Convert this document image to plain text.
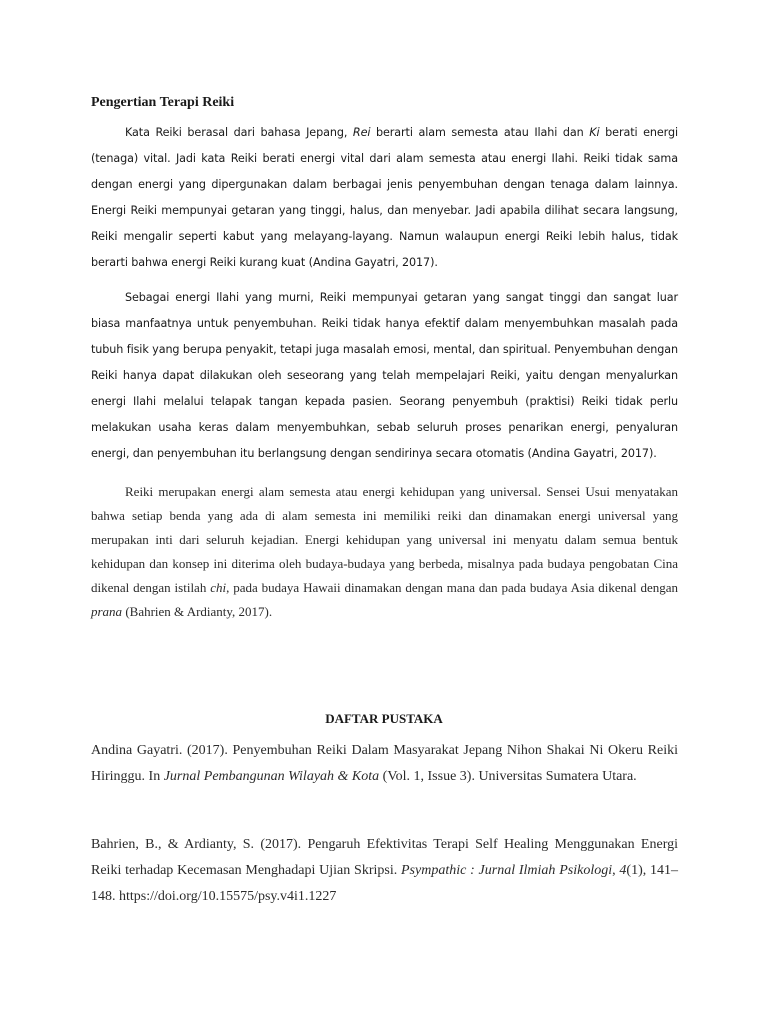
Pengertian Terapi Reiki

Kata Reiki berasal dari bahasa Jepang, Rei berarti alam semesta atau Ilahi dan Ki berati energi (tenaga) vital. Jadi kata Reiki berati energi vital dari alam semesta atau energi Ilahi. Reiki tidak sama dengan energi yang dipergunakan dalam berbagai jenis penyembuhan dengan tenaga dalam lainnya. Energi Reiki mempunyai getaran yang tinggi, halus, dan menyebar. Jadi apabila dilihat secara langsung, Reiki mengalir seperti kabut yang melayang-layang. Namun walaupun energi Reiki lebih halus, tidak berarti bahwa energi Reiki kurang kuat (Andina Gayatri, 2017).

Sebagai energi Ilahi yang murni, Reiki mempunyai getaran yang sangat tinggi dan sangat luar biasa manfaatnya untuk penyembuhan. Reiki tidak hanya efektif dalam menyembuhkan masalah pada tubuh fisik yang berupa penyakit, tetapi juga masalah emosi, mental, dan spiritual. Penyembuhan dengan Reiki hanya dapat dilakukan oleh seseorang yang telah mempelajari Reiki, yaitu dengan menyalurkan energi Ilahi melalui telapak tangan kepada pasien. Seorang penyembuh (praktisi) Reiki tidak perlu melakukan usaha keras dalam menyembuhkan, sebab seluruh proses penarikan energi, penyaluran energi, dan penyembuhan itu berlangsung dengan sendirinya secara otomatis (Andina Gayatri, 2017).

Reiki merupakan energi alam semesta atau energi kehidupan yang universal. Sensei Usui menyatakan bahwa setiap benda yang ada di alam semesta ini memiliki reiki dan dinamakan energi universal yang merupakan inti dari seluruh kejadian. Energi kehidupan yang universal ini menyatu dalam semua bentuk kehidupan dan konsep ini diterima oleh budaya-budaya yang berbeda, misalnya pada budaya pengobatan Cina dikenal dengan istilah chi, pada budaya Hawaii dinamakan dengan mana dan pada budaya Asia dikenal dengan prana (Bahrien & Ardianty, 2017).

DAFTAR PUSTAKA

Andina Gayatri. (2017). Penyembuhan Reiki Dalam Masyarakat Jepang Nihon Shakai Ni Okeru Reiki Hiringgu. In Jurnal Pembangunan Wilayah & Kota (Vol. 1, Issue 3). Universitas Sumatera Utara.

Bahrien, B., & Ardianty, S. (2017). Pengaruh Efektivitas Terapi Self Healing Menggunakan Energi Reiki terhadap Kecemasan Menghadapi Ujian Skripsi. Psympathic : Jurnal Ilmiah Psikologi, 4(1), 141–148. https://doi.org/10.15575/psy.v4i1.1227
